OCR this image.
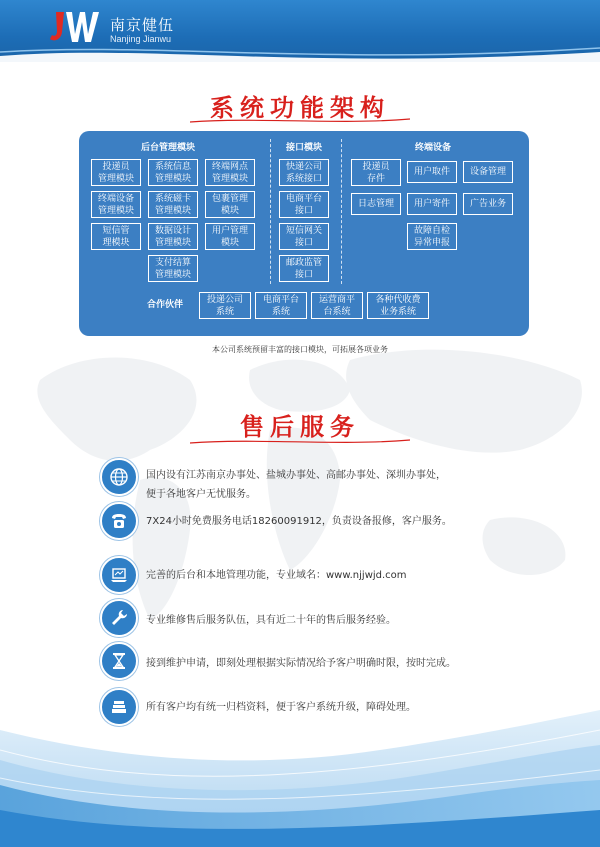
南京健伍
Nanjing Jianwu
系统功能架构
后台管理模块	接口模块	终端设备
投递员
管理模块
系统信息
管理模块
终端网点
管理模块
终端设备
管理模块
系统磁卡
管理模块
包裹管理
模块
短信管
理模块
数据设计
管理模块
用户管理
模块
支付结算
管理模块
快递公司
系统接口
电商平台
接口
短信网关
接口
邮政监管
接口
投递员
存件
用户取件	设备管理
日志管理	用户寄件	广告业务
故障自检
异常申报
合作伙伴
投递公司
系统
电商平台
系统
运营商平
台系统
各种代收费
业务系统
本公司系统预留丰富的接口模块，可拓展各项业务
售后服务
国内设有江苏南京办事处、盐城办事处、高邮办事处、深圳办事处，
便于各地客户无忧服务。
7X24小时免费服务电话18260091912，负责设备报修，客户服务。
完善的后台和本地管理功能，专业域名：www.njjwjd.com
专业维修售后服务队伍，具有近二十年的售后服务经验。
接到维护申请，即刻处理根据实际情况给予客户明确时限，按时完成。
所有客户均有统一归档资料，便于客户系统升级，障碍处理。
